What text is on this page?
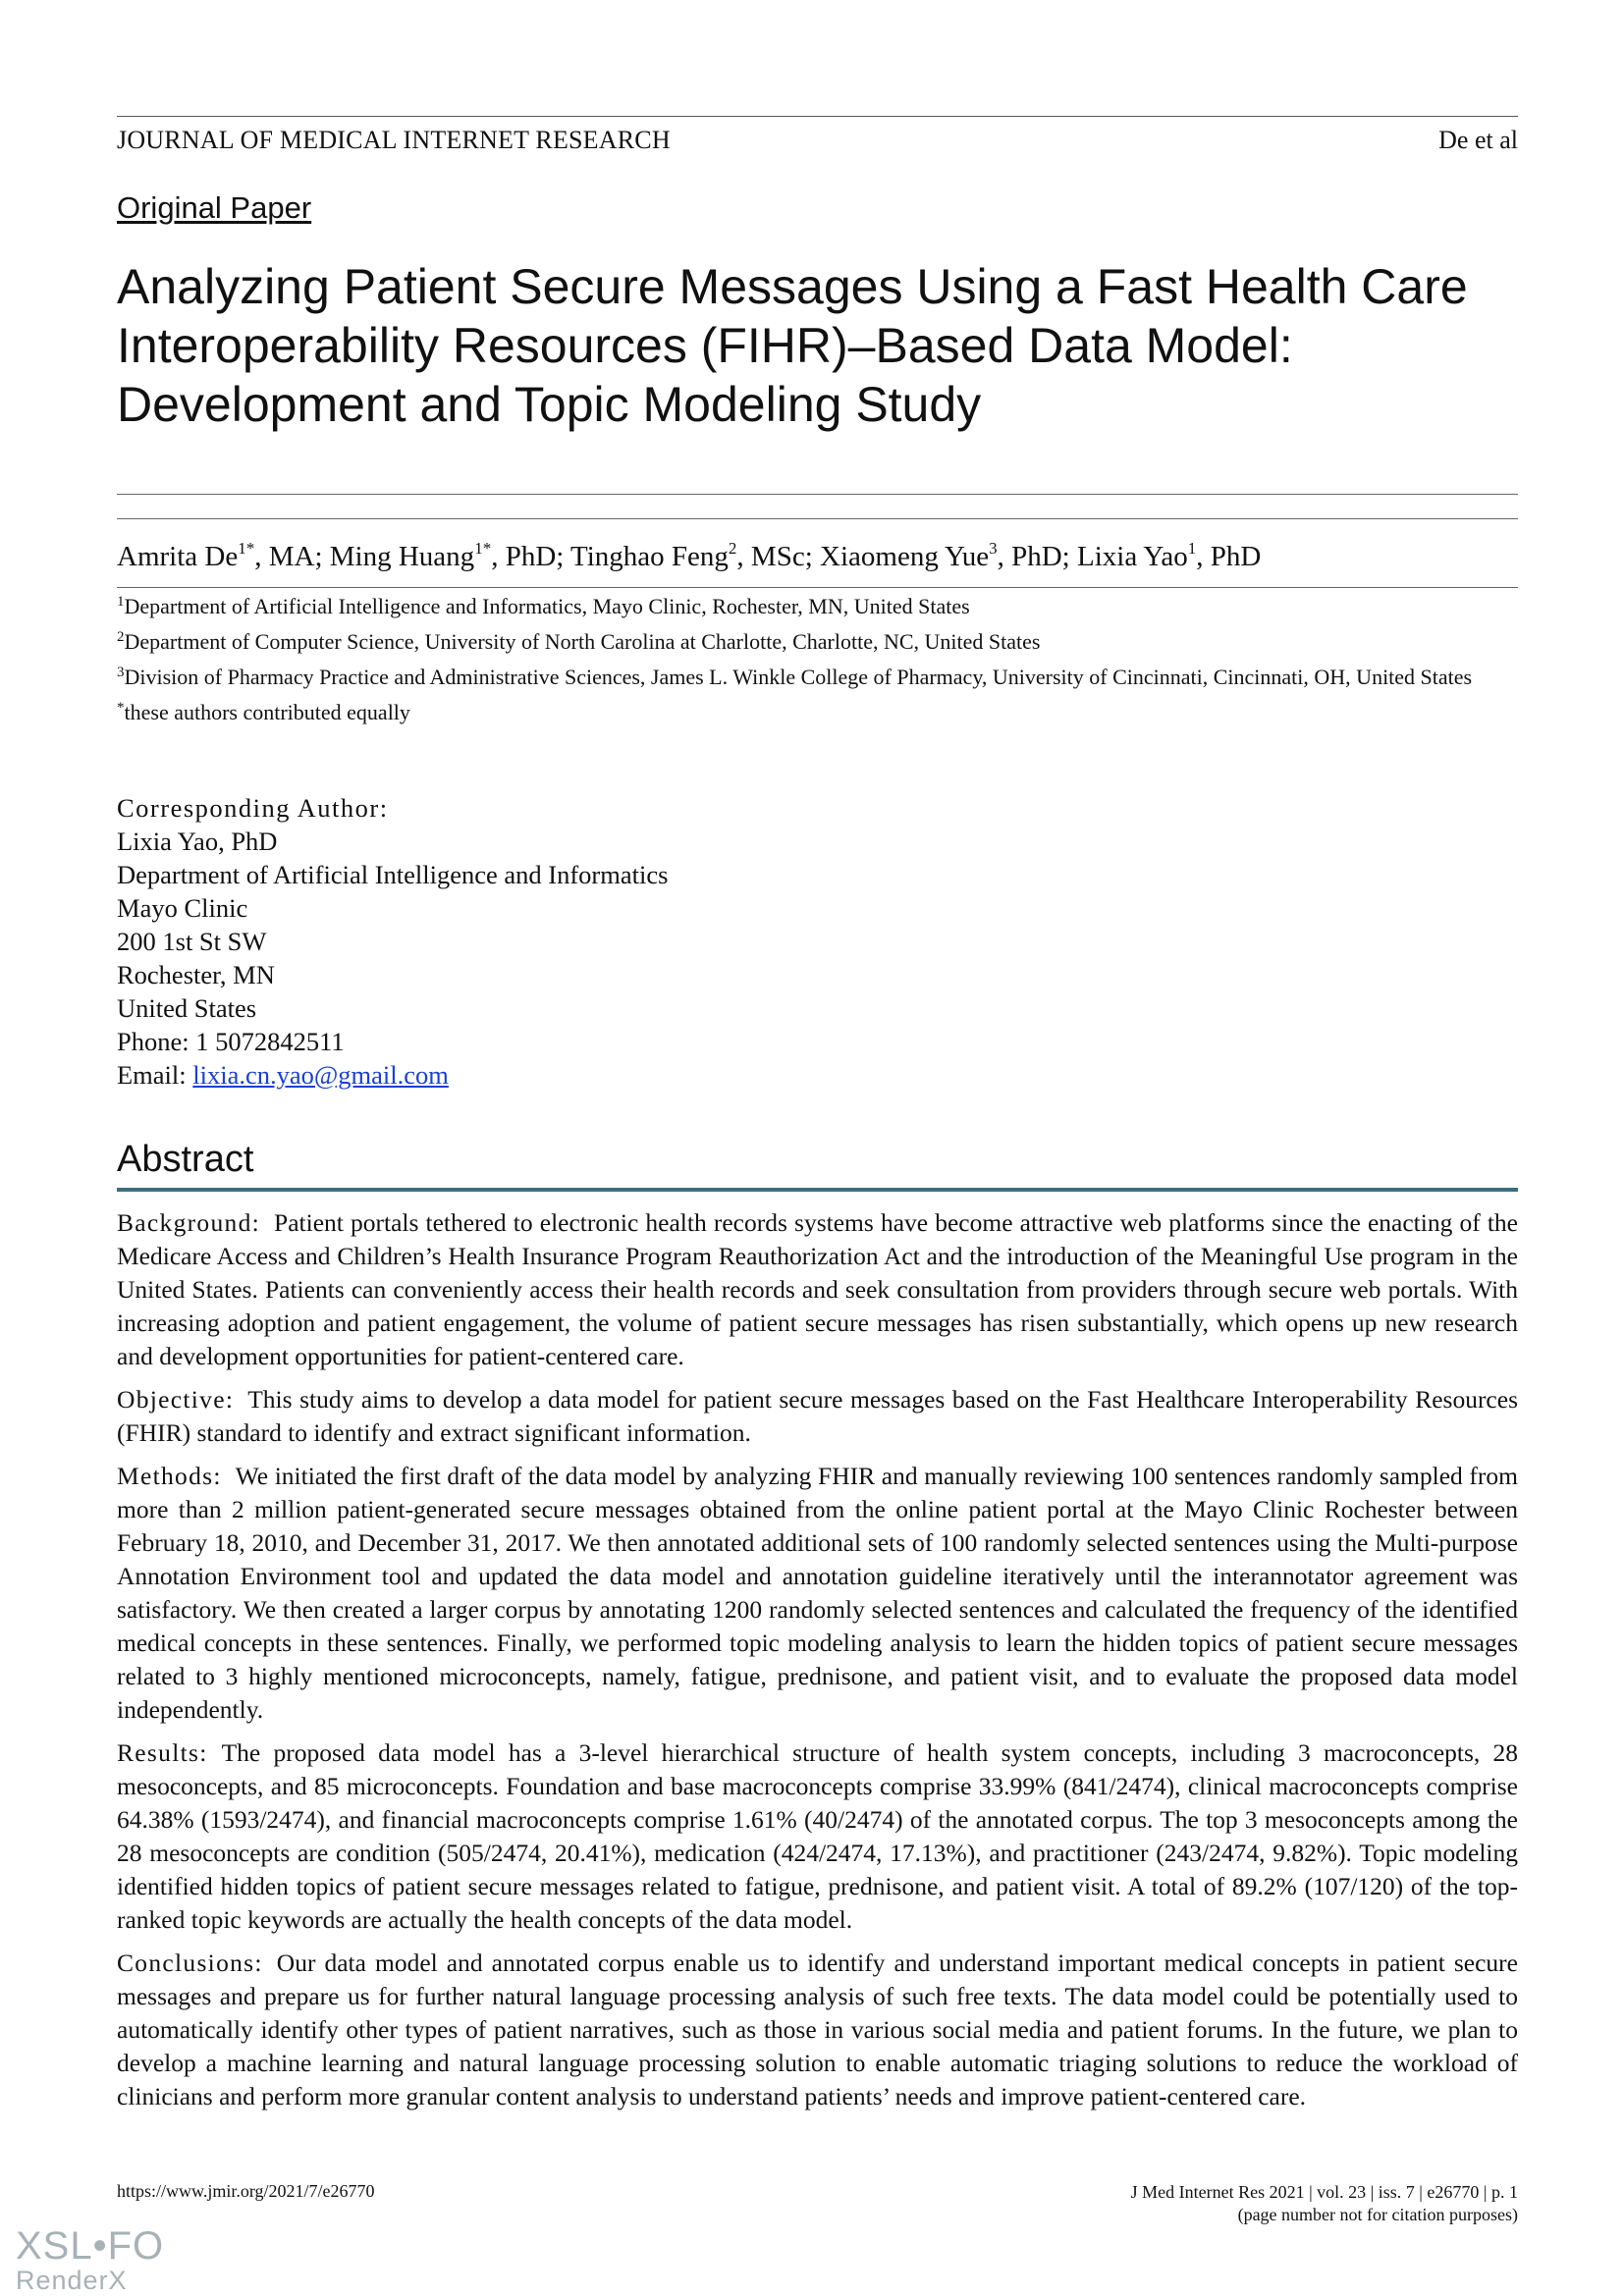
JOURNAL OF MEDICAL INTERNET RESEARCH	De et al
Original Paper
Analyzing Patient Secure Messages Using a Fast Health Care Interoperability Resources (FIHR)–Based Data Model: Development and Topic Modeling Study
Amrita $De^{1*}$, MA; Ming Huang$^{1*}$, PhD; Tinghao Feng$^2$, MSc; Xiaomeng Yue$^3$, PhD; Lixia Yao$^1$, PhD

$^1$Department of Artificial Intelligence and Informatics, Mayo Clinic, Rochester, MN, United States

$^2$Department of Computer Science, University of North Carolina at Charlotte, Charlotte, NC, United States

$^3$Division of Pharmacy Practice and Administrative Sciences, James L. Winkle College of Pharmacy, University of Cincinnati, Cincinnati, OH, United States

*these authors contributed equally

Corresponding Author:
Lixia Yao, PhD
Department of Artificial Intelligence and Informatics
Mayo Clinic
200 1st St SW
Rochester, MN
United States
Phone: 1 5072842511
Email: lixia.cn.yao@gmail.com
Abstract

Background: Patient portals tethered to electronic health records systems have become attractive web platforms since the enacting of the Medicare Access and Children’s Health Insurance Program Reauthorization Act and the introduction of the Meaningful Use program in the United States. Patients can conveniently access their health records and seek consultation from providers through secure web portals. With increasing adoption and patient engagement, the volume of patient secure messages has risen substantially, which opens up new research and development opportunities for patient-centered care.

Objective: This study aims to develop a data model for patient secure messages based on the Fast Healthcare Interoperability Resources (FHIR) standard to identify and extract significant information.

Methods: We initiated the first draft of the data model by analyzing FHIR and manually reviewing 100 sentences randomly sampled from more than 2 million patient-generated secure messages obtained from the online patient portal at the Mayo Clinic Rochester between February 18, 2010, and December 31, 2017. We then annotated additional sets of 100 randomly selected sentences using the Multi-purpose Annotation Environment tool and updated the data model and annotation guideline iteratively until the interannotator agreement was satisfactory. We then created a larger corpus by annotating 1200 randomly selected sentences and calculated the frequency of the identified medical concepts in these sentences. Finally, we performed topic modeling analysis to learn the hidden topics of patient secure messages related to 3 highly mentioned microconcepts, namely, fatigue, prednisone, and patient visit, and to evaluate the proposed data model independently.

Results: The proposed data model has a 3-level hierarchical structure of health system concepts, including 3 macroconcepts, 28 mesoconcepts, and 85 microconcepts. Foundation and base macroconcepts comprise 33.99% (841/2474), clinical macroconcepts comprise 64.38% (1593/2474), and financial macroconcepts comprise 1.61% (40/2474) of the annotated corpus. The top 3 mesoconcepts among the 28 mesoconcepts are condition (505/2474, 20.41%), medication (424/2474, 17.13%), and practitioner (243/2474, 9.82%). Topic modeling identified hidden topics of patient secure messages related to fatigue, prednisone, and patient visit. A total of 89.2% (107/120) of the top-ranked topic keywords are actually the health concepts of the data model.

Conclusions: Our data model and annotated corpus enable us to identify and understand important medical concepts in patient secure messages and prepare us for further natural language processing analysis of such free texts. The data model could be potentially used to automatically identify other types of patient narratives, such as those in various social media and patient forums. In the future, we plan to develop a machine learning and natural language processing solution to enable automatic triaging solutions to reduce the workload of clinicians and perform more granular content analysis to understand patients’ needs and improve patient-centered care.

https://www.jmir.org/2021/7/e26770	J Med Internet Res 2021 | vol. 23 | iss. 7 | e26770 | p. 1
(page number not for citation purposes)
XSL•FO
RenderX
